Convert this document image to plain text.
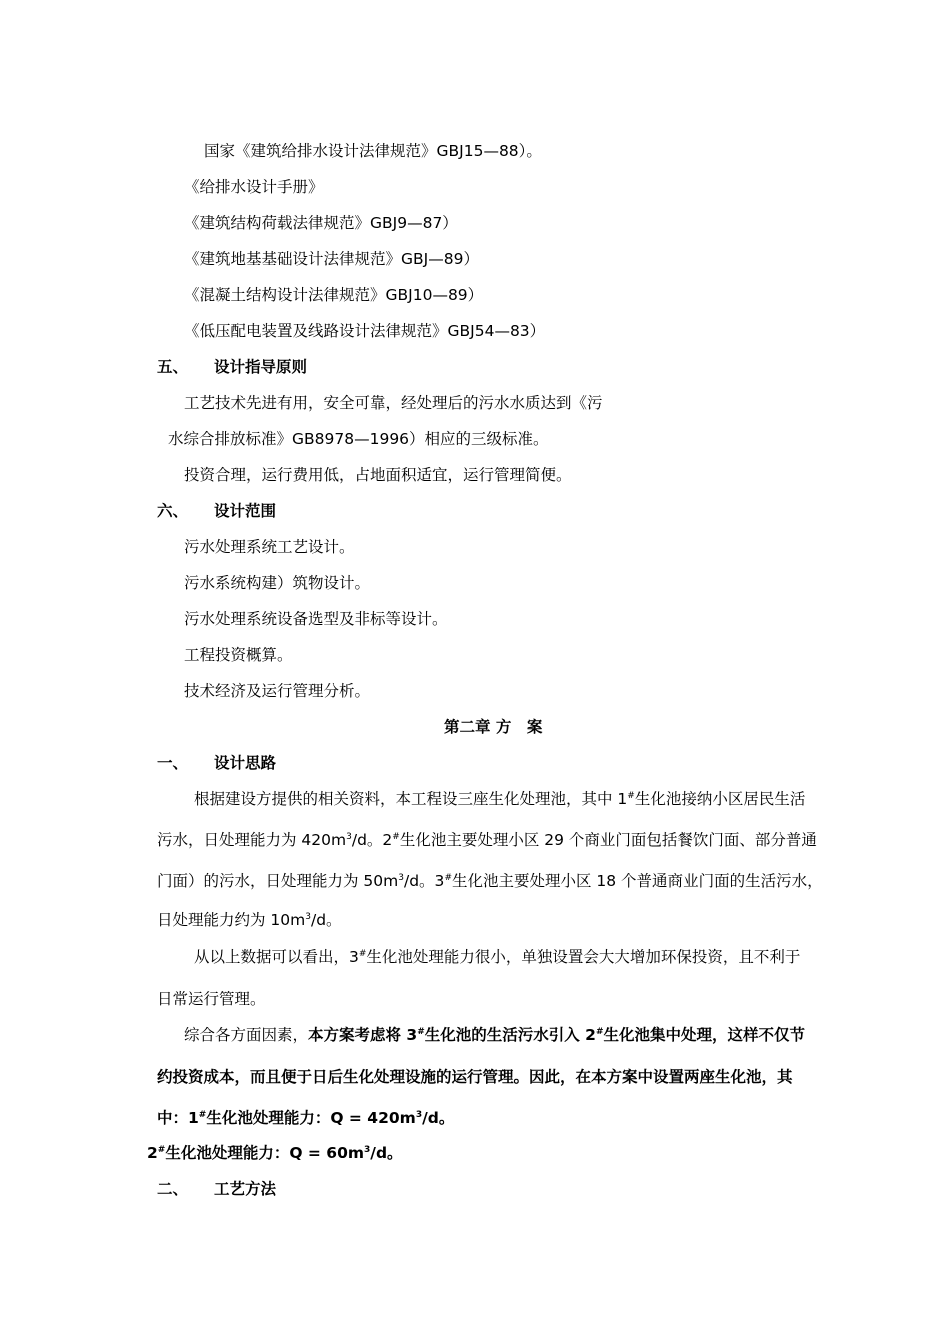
国家《建筑给排水设计法律规范》GBJ15—88）。
《给排水设计手册》
《建筑结构荷载法律规范》GBJ9—87）
《建筑地基基础设计法律规范》GBJ—89）
《混凝土结构设计法律规范》GBJ10—89）
《低压配电装置及线路设计法律规范》GBJ54—83）
五、 设计指导原则
工艺技术先进有用，安全可靠，经处理后的污水水质达到《污
水综合排放标准》GB8978—1996）相应的三级标准。
投资合理，运行费用低，占地面积适宜，运行管理简便。
六、 设计范围
污水处理系统工艺设计。
污水系统构建）筑物设计。
污水处理系统设备选型及非标等设计。
工程投资概算。
技术经济及运行管理分析。
第二章 方　案
一、 设计思路
根据建设方提供的相关资料，本工程设三座生化处理池，其中 1#生化池接纳小区居民生活
污水，日处理能力为 $420m^3/d$。2#生化池主要处理小区 29 个商业门面包括餐饮门面、部分普通
门面）的污水，日处理能力为 $50m^3/d$。3#生化池主要处理小区 18 个普通商业门面的生活污水，
日处理能力约为 $10m^3/d$。
从以上数据可以看出，3#生化池处理能力很小，单独设置会大大增加环保投资，且不利于
日常运行管理。
综合各方面因素，本方案考虑将 3#生化池的生活污水引入 2#生化池集中处理，这样不仅节
约投资成本，而且便于日后生化处理设施的运行管理。因此，在本方案中设置两座生化池，其
中：1#生化池处理能力：$Q = 420m^3/d$。
2#生化池处理能力：$Q = 60m^3/d$。
二、 工艺方法
